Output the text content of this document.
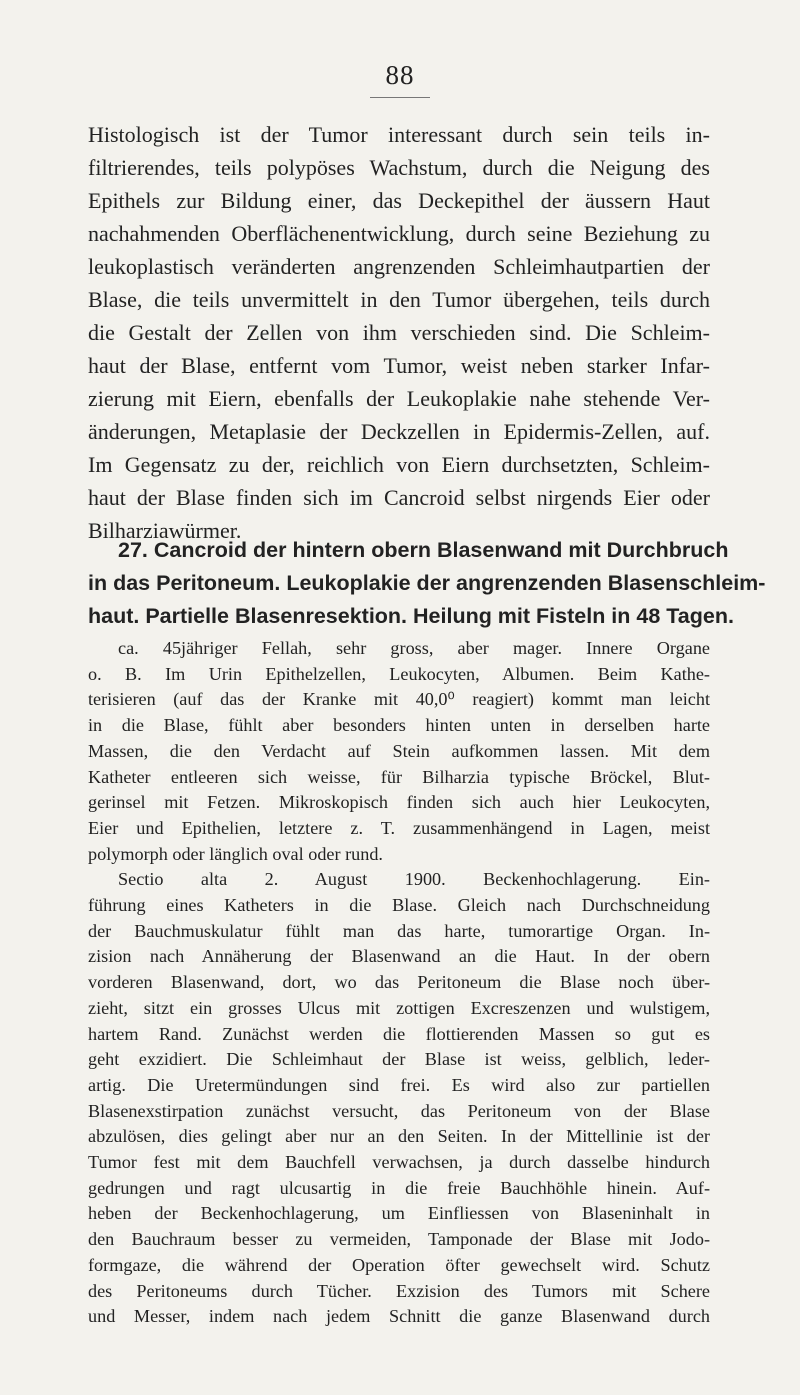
88
Histologisch ist der Tumor interessant durch sein teils in-
filtrierendes, teils polypöses Wachstum, durch die Neigung des
Epithels zur Bildung einer, das Deckepithel der äussern Haut
nachahmenden Oberflächenentwicklung, durch seine Beziehung zu
leukoplastisch veränderten angrenzenden Schleimhautpartien der
Blase, die teils unvermittelt in den Tumor übergehen, teils durch
die Gestalt der Zellen von ihm verschieden sind. Die Schleim-
haut der Blase, entfernt vom Tumor, weist neben starker Infar-
zierung mit Eiern, ebenfalls der Leukoplakie nahe stehende Ver-
änderungen, Metaplasie der Deckzellen in Epidermis-Zellen, auf.
Im Gegensatz zu der, reichlich von Eiern durchsetzten, Schleim-
haut der Blase finden sich im Cancroid selbst nirgends Eier oder
Bilharziawürmer.
27. Cancroid der hintern obern Blasenwand mit Durchbruch
in das Peritoneum. Leukoplakie der angrenzenden Blasenschleim-
haut. Partielle Blasenresektion. Heilung mit Fisteln in 48 Tagen.
ca. 45jähriger Fellah, sehr gross, aber mager. Innere Organe
o. B. Im Urin Epithelzellen, Leukocyten, Albumen. Beim Kathe-
terisieren (auf das der Kranke mit 40,0⁰ reagiert) kommt man leicht
in die Blase, fühlt aber besonders hinten unten in derselben harte
Massen, die den Verdacht auf Stein aufkommen lassen. Mit dem
Katheter entleeren sich weisse, für Bilharzia typische Bröckel, Blut-
gerinsel mit Fetzen. Mikroskopisch finden sich auch hier Leukocyten,
Eier und Epithelien, letztere z. T. zusammenhängend in Lagen, meist
polymorph oder länglich oval oder rund.
Sectio alta 2. August 1900. Beckenhochlagerung. Ein-
führung eines Katheters in die Blase. Gleich nach Durchschneidung
der Bauchmuskulatur fühlt man das harte, tumorartige Organ. In-
zision nach Annäherung der Blasenwand an die Haut. In der obern
vorderen Blasenwand, dort, wo das Peritoneum die Blase noch über-
zieht, sitzt ein grosses Ulcus mit zottigen Excreszenzen und wulstigem,
hartem Rand. Zunächst werden die flottierenden Massen so gut es
geht exzidiert. Die Schleimhaut der Blase ist weiss, gelblich, leder-
artig. Die Uretermündungen sind frei. Es wird also zur partiellen
Blasenexstirpation zunächst versucht, das Peritoneum von der Blase
abzulösen, dies gelingt aber nur an den Seiten. In der Mittellinie ist der
Tumor fest mit dem Bauchfell verwachsen, ja durch dasselbe hindurch
gedrungen und ragt ulcusartig in die freie Bauchhöhle hinein. Auf-
heben der Beckenhochlagerung, um Einfliessen von Blaseninhalt in
den Bauchraum besser zu vermeiden, Tamponade der Blase mit Jodo-
formgaze, die während der Operation öfter gewechselt wird. Schutz
des Peritoneums durch Tücher. Exzision des Tumors mit Schere
und Messer, indem nach jedem Schnitt die ganze Blasenwand durch
